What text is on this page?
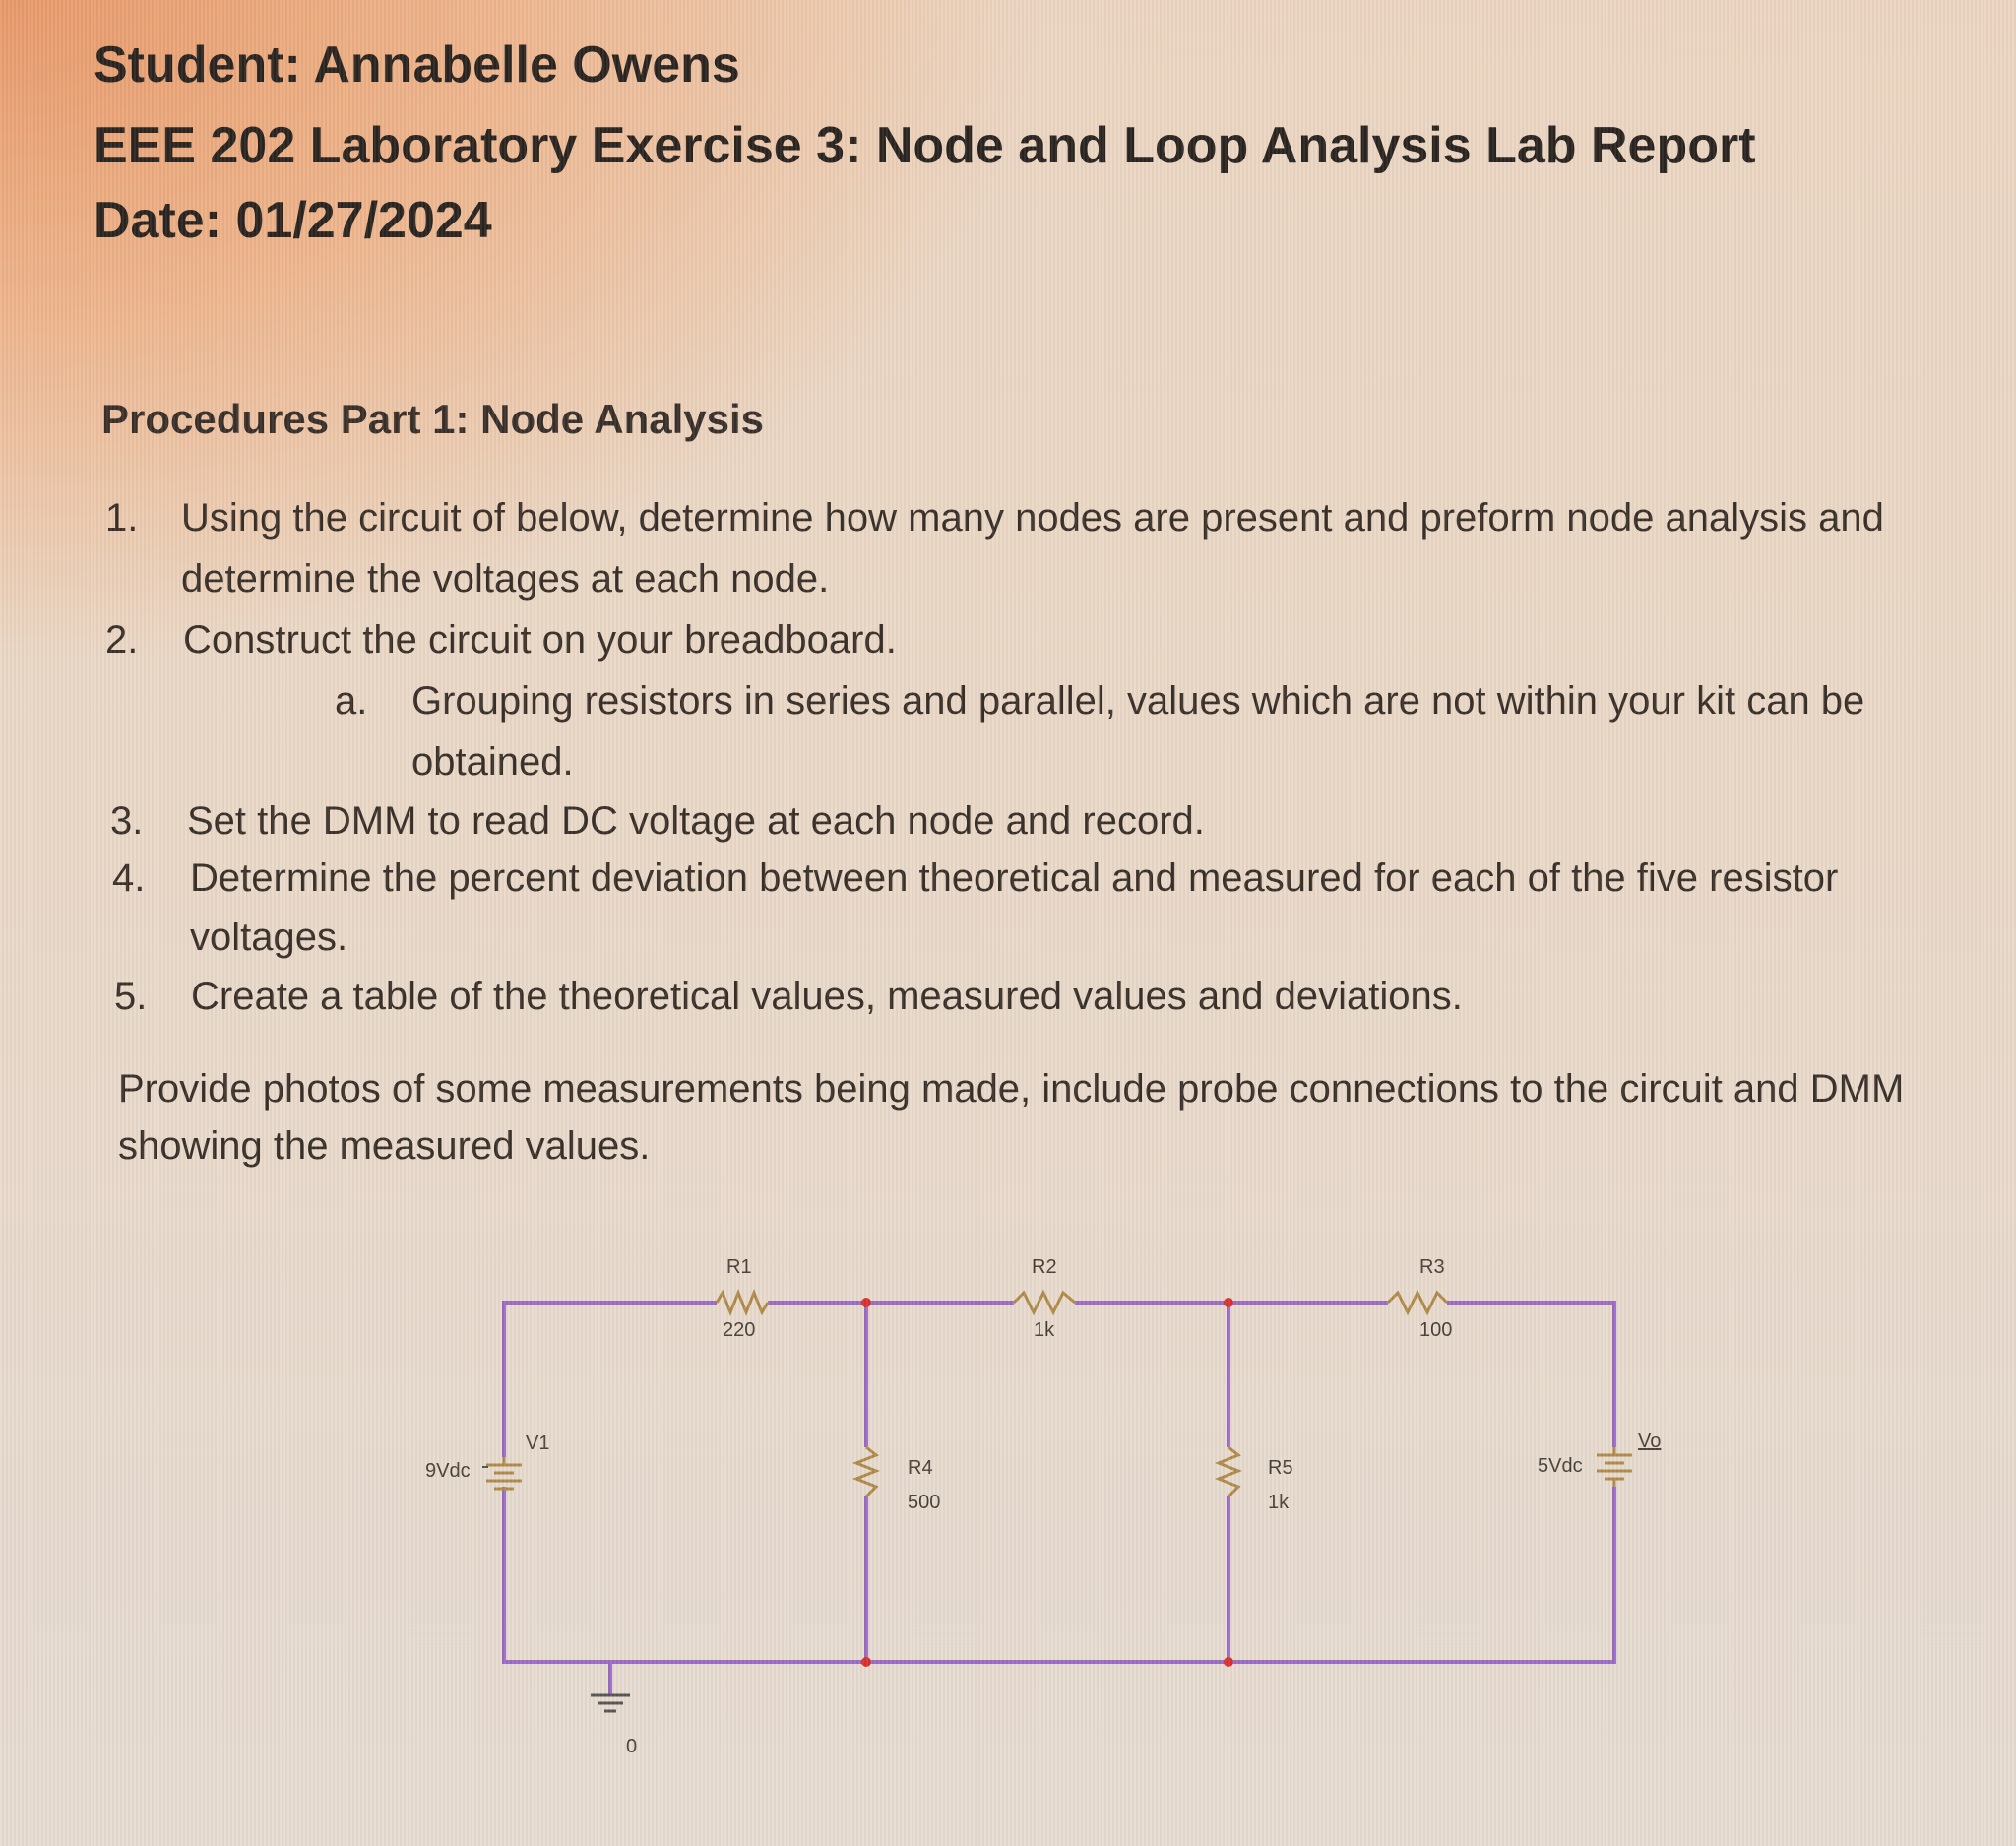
Student: Annabelle Owens
EEE 202 Laboratory Exercise 3: Node and Loop Analysis Lab Report
Date: 01/27/2024
Procedures Part 1: Node Analysis
1. Using the circuit of below, determine how many nodes are present and preform node analysis and
determine the voltages at each node.
2. Construct the circuit on your breadboard.
a. Grouping resistors in series and parallel, values which are not within your kit can be
obtained.
3. Set the DMM to read DC voltage at each node and record.
4. Determine the percent deviation between theoretical and measured for each of the five resistor
voltages.
5. Create a table of the theoretical values, measured values and deviations.
Provide photos of some measurements being made, include probe connections to the circuit and DMM
showing the measured values.
R1
220
R2
1k
R3
100
R4
500
R5
1k
V1
9Vdc	5Vdc
Vo
0
